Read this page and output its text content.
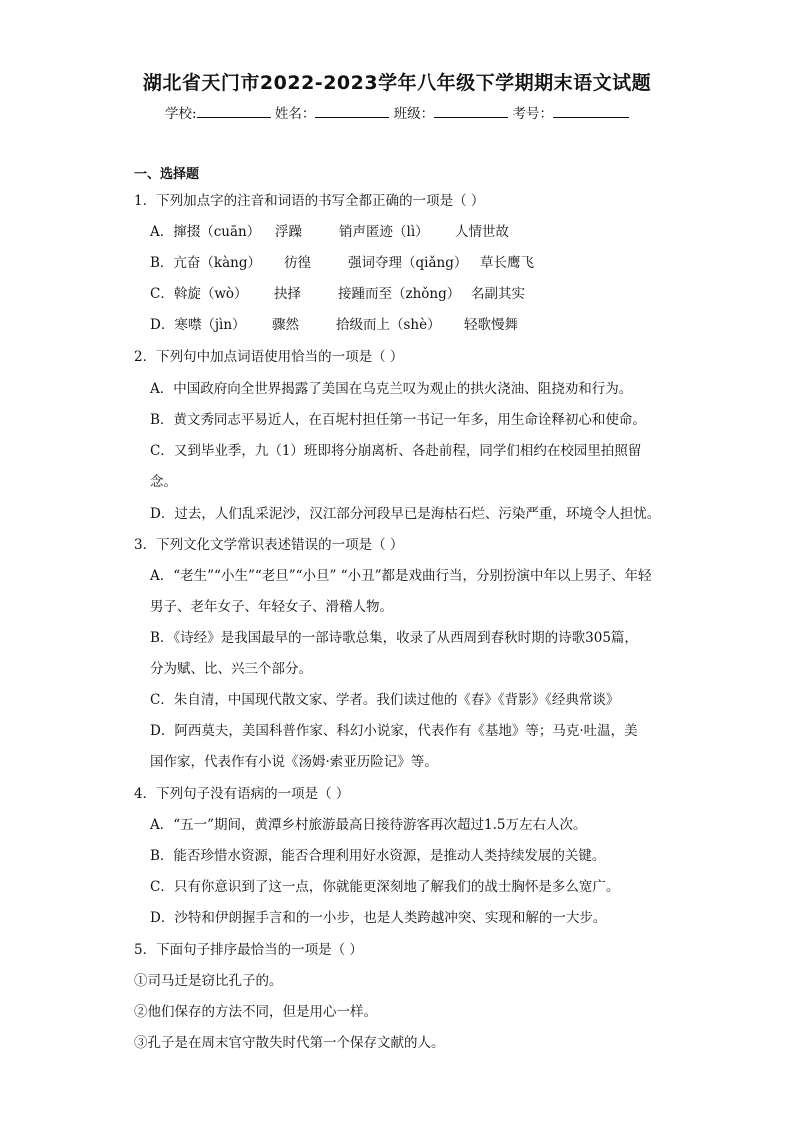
湖北省天门市2022-2023学年八年级下学期期末语文试题
学校:	姓名：	班级：	考号：
一、选择题
1．下列加点字的注音和词语的书写全都正确的一项是（ ）
A．撺掇（cuān） 浮躁	销声匿迹（lì） 人情世故
B．亢奋（kàng） 彷徨	强词夺理（qiǎng） 草长鹰飞
C．斡旋（wò） 抉择	接踵而至（zhǒng） 名副其实
D．寒噤（jìn） 骤然	拾级而上（shè） 轻歌慢舞
2．下列句中加点词语使用恰当的一项是（ ）
A．中国政府向全世界揭露了美国在乌克兰叹为观止的拱火浇油、阻挠劝和行为。
B．黄文秀同志平易近人，在百坭村担任第一书记一年多，用生命诠释初心和使命。
C．又到毕业季，九（1）班即将分崩离析、各赴前程，同学们相约在校园里拍照留
念。
D．过去，人们乱采泥沙，汉江部分河段早已是海枯石烂、污染严重，环境令人担忧。
3．下列文化文学常识表述错误的一项是（ ）
A．“老生”“小生”“老旦”“小旦” “小丑”都是戏曲行当，分别扮演中年以上男子、年轻
男子、老年女子、年轻女子、滑稽人物。
B．《诗经》是我国最早的一部诗歌总集，收录了从西周到春秋时期的诗歌305篇，
分为赋、比、兴三个部分。
C．朱自清，中国现代散文家、学者。我们读过他的《春》《背影》《经典常谈》
D．阿西莫夫，美国科普作家、科幻小说家，代表作有《基地》等；马克·吐温，美
国作家，代表作有小说《汤姆·索亚历险记》等。
4．下列句子没有语病的一项是（ ）
A．“五一”期间，黄潭乡村旅游最高日接待游客再次超过1.5万左右人次。
B．能否珍惜水资源，能否合理利用好水资源，是推动人类持续发展的关键。
C．只有你意识到了这一点，你就能更深刻地了解我们的战士胸怀是多么宽广。
D．沙特和伊朗握手言和的一小步，也是人类跨越冲突、实现和解的一大步。
5．下面句子排序最恰当的一项是（ ）
①司马迁是窃比孔子的。
②他们保存的方法不同，但是用心一样。
③孔子是在周末官守散失时代第一个保存文献的人。
